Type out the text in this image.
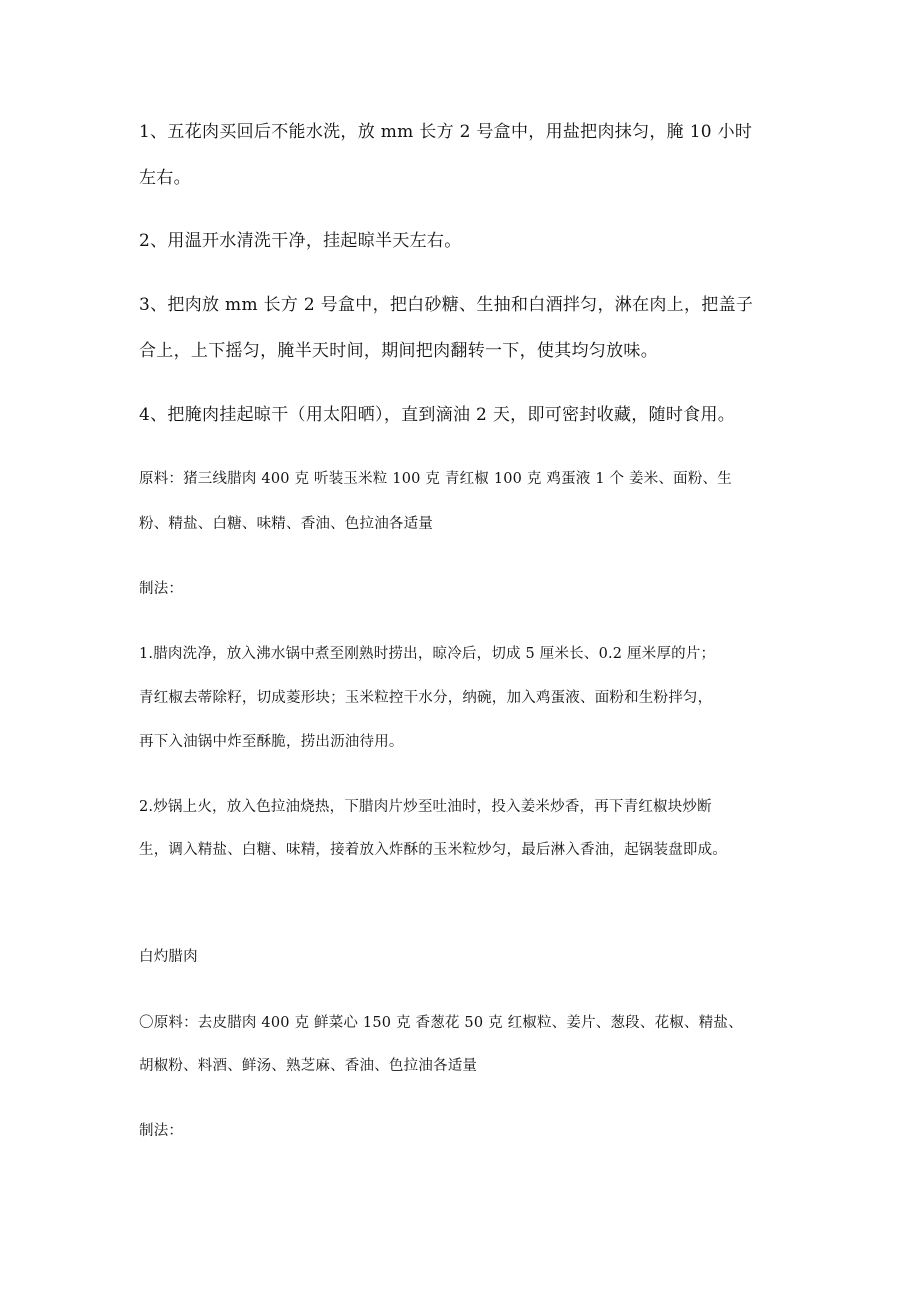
1、五花肉买回后不能水洗，放 mm 长方 2 号盒中，用盐把肉抹匀，腌 10 小时
左右。
2、用温开水清洗干净，挂起晾半天左右。
3、把肉放 mm 长方 2 号盒中，把白砂糖、生抽和白酒拌匀，淋在肉上，把盖子
合上，上下摇匀，腌半天时间，期间把肉翻转一下，使其均匀放味。
4、把腌肉挂起晾干（用太阳晒），直到滴油 2 天，即可密封收藏，随时食用。
原料：猪三线腊肉 400 克 听装玉米粒 100 克 青红椒 100 克 鸡蛋液 1 个 姜米、面粉、生
粉、精盐、白糖、味精、香油、色拉油各适量
制法：
1.腊肉洗净，放入沸水锅中煮至刚熟时捞出，晾冷后，切成 5 厘米长、0.2 厘米厚的片；
青红椒去蒂除籽，切成菱形块；玉米粒控干水分，纳碗，加入鸡蛋液、面粉和生粉拌匀，
再下入油锅中炸至酥脆，捞出沥油待用。
2.炒锅上火，放入色拉油烧热，下腊肉片炒至吐油时，投入姜米炒香，再下青红椒块炒断
生，调入精盐、白糖、味精，接着放入炸酥的玉米粒炒匀，最后淋入香油，起锅装盘即成。
白灼腊肉
〇原料：去皮腊肉 400 克 鲜菜心 150 克 香葱花 50 克 红椒粒、姜片、葱段、花椒、精盐、
胡椒粉、料酒、鲜汤、熟芝麻、香油、色拉油各适量
制法：
